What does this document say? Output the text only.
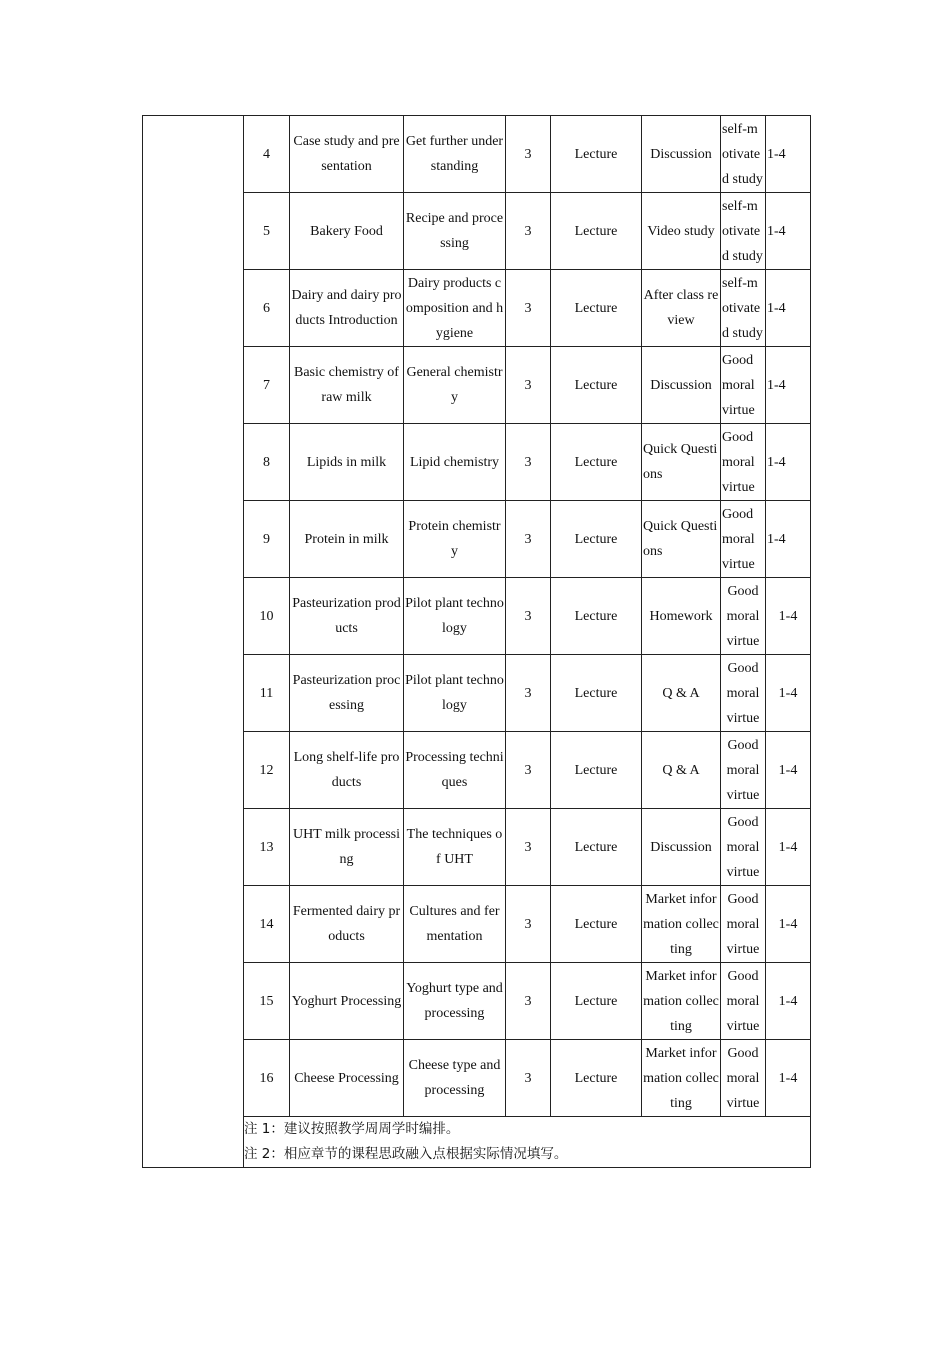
	4	Case study and presentation	Get further understanding	3	Lecture	Discussion	self-motivated study	1-4
	5	Bakery Food	Recipe and processing	3	Lecture	Video study	self-motivated study	1-4
	6	Dairy and dairy products Introduction	Dairy products composition and hygiene	3	Lecture	After class review	self-motivated study	1-4
	7	Basic chemistry of raw milk	General chemistry	3	Lecture	Discussion	Good moral virtue	1-4
	8	Lipids in milk	Lipid chemistry	3	Lecture	Quick Questions	Good moral virtue	1-4
	9	Protein in milk	Protein chemistry	3	Lecture	Quick Questions	Good moral virtue	1-4
	10	Pasteurization products	Pilot plant technology	3	Lecture	Homework	Good moral virtue	1-4
	11	Pasteurization processing	Pilot plant technology	3	Lecture	Q & A	Good moral virtue	1-4
	12	Long shelf-life products	Processing techniques	3	Lecture	Q & A	Good moral virtue	1-4
	13	UHT milk processing	The techniques of UHT	3	Lecture	Discussion	Good moral virtue	1-4
	14	Fermented dairy products	Cultures and fermentation	3	Lecture	Market information collecting	Good moral virtue	1-4
	15	Yoghurt Processing	Yoghurt type and processing	3	Lecture	Market information collecting	Good moral virtue	1-4
	16	Cheese Processing	Cheese type and processing	3	Lecture	Market information collecting	Good moral virtue	1-4

	注 1：建议按照教学周周学时编排。
注 2：相应章节的课程思政融入点根据实际情况填写。							
